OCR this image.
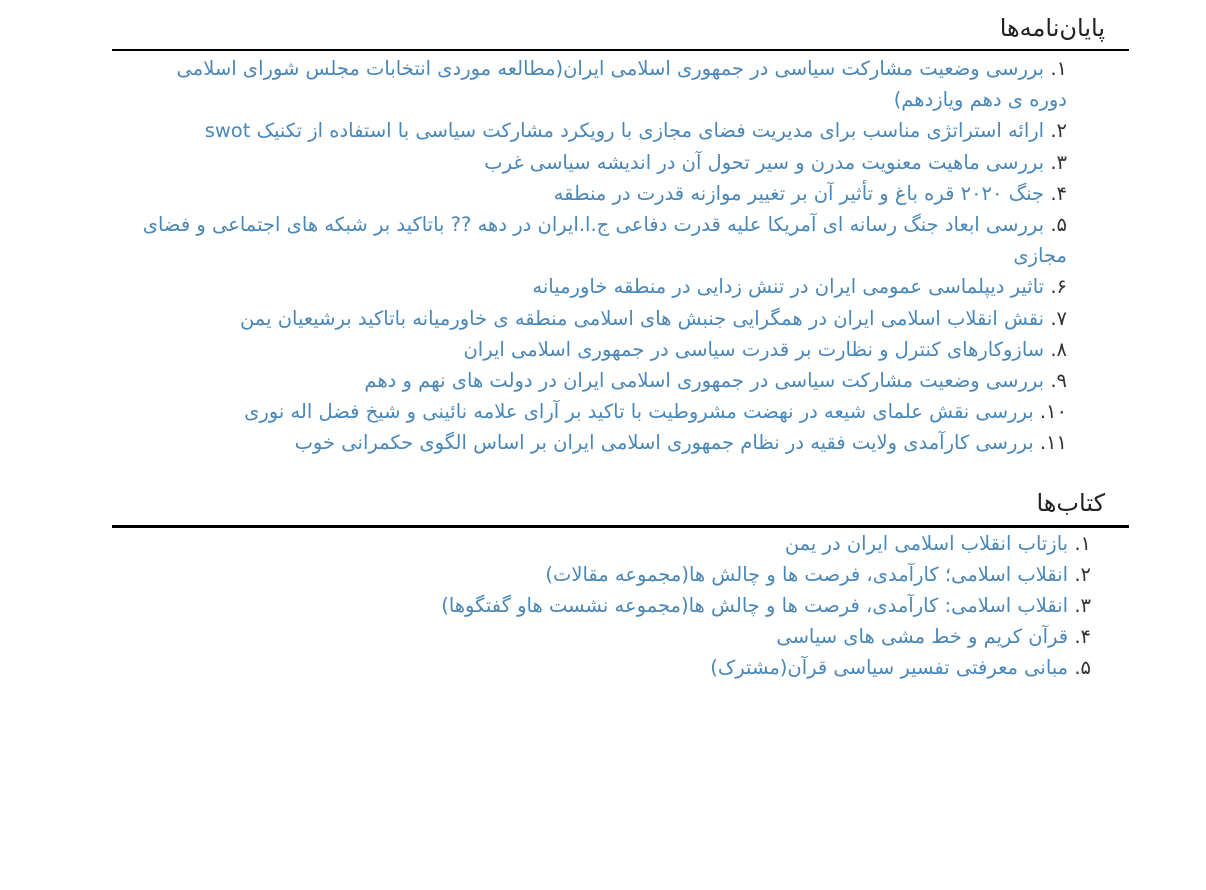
پایان‌نامه‌ها
۱. بررسی وضعیت مشارکت سیاسی در جمهوری اسلامی ایران(مطالعه موردی انتخابات مجلس شورای اسلامی دوره ی دهم ویازدهم)
۲. ارائه استراتژی مناسب برای مدیریت فضای مجازی با رویکرد مشارکت سیاسی با استفاده از تکنیک swot
۳. بررسی ماهیت معنویت مدرن و سیر تحول آن در اندیشه سیاسی غرب
۴. جنگ ۲۰۲۰ قره باغ و تأثیر آن بر تغییر موازنه قدرت در منطقه
۵. بررسی ابعاد جنگ رسانه ای آمریکا علیه قدرت دفاعی ج.ا.ایران در دهه ?? باتاکید بر شبکه های اجتماعی و فضای مجازی
۶. تاثیر دیپلماسی عمومی ایران در تنش زدایی در منطقه خاورمیانه
۷. نقش انقلاب اسلامی ایران در همگرایی جنبش های اسلامی منطقه ی خاورمیانه باتاکید برشیعیان یمن
۸. سازوکارهای کنترل و نظارت بر قدرت سیاسی در جمهوری اسلامی ایران
۹. بررسی وضعیت مشارکت سیاسی در جمهوری اسلامی ایران در دولت های نهم و دهم
۱۰. بررسی نقش علمای شیعه در نهضت مشروطیت با تاکید بر آرای علامه نائینی و شیخ فضل اله نوری
۱۱. بررسی کارآمدی ولایت فقیه در نظام جمهوری اسلامی ایران بر اساس الگوی حکمرانی خوب
کتاب‌ها
۱. بازتاب انقلاب اسلامی ایران در یمن
۲. انقلاب اسلامی؛ کارآمدی، فرصت ها و چالش ها(مجموعه مقالات)
۳. انقلاب اسلامی: کارآمدی، فرصت ها و چالش ها(مجموعه نشست هاو گفتگوها)
۴. قرآن کریم و خط مشی های سیاسی
۵. مبانی معرفتی تفسیر سیاسی قرآن(مشترک)
